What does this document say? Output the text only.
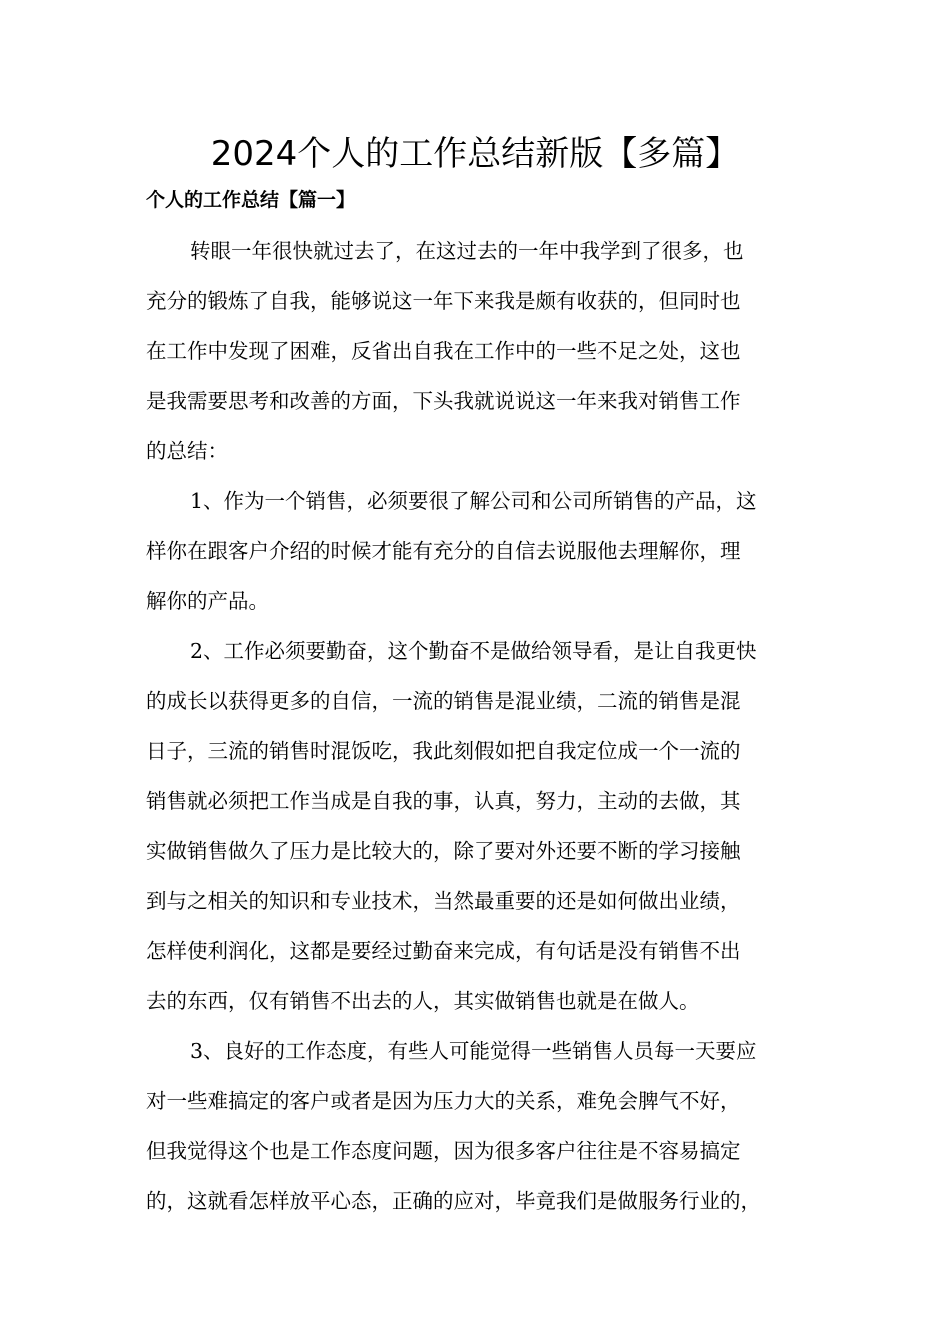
2024个人的工作总结新版【多篇】
个人的工作总结【篇一】
转眼一年很快就过去了，在这过去的一年中我学到了很多，也
充分的锻炼了自我，能够说这一年下来我是颇有收获的，但同时也
在工作中发现了困难，反省出自我在工作中的一些不足之处，这也
是我需要思考和改善的方面，下头我就说说这一年来我对销售工作
的总结：
1、作为一个销售，必须要很了解公司和公司所销售的产品，这
样你在跟客户介绍的时候才能有充分的自信去说服他去理解你，理
解你的产品。
2、工作必须要勤奋，这个勤奋不是做给领导看，是让自我更快
的成长以获得更多的自信，一流的销售是混业绩，二流的销售是混
日子，三流的销售时混饭吃，我此刻假如把自我定位成一个一流的
销售就必须把工作当成是自我的事，认真，努力，主动的去做，其
实做销售做久了压力是比较大的，除了要对外还要不断的学习接触
到与之相关的知识和专业技术，当然最重要的还是如何做出业绩，
怎样使利润化，这都是要经过勤奋来完成，有句话是没有销售不出
去的东西，仅有销售不出去的人，其实做销售也就是在做人。
3、良好的工作态度，有些人可能觉得一些销售人员每一天要应
对一些难搞定的客户或者是因为压力大的关系，难免会脾气不好，
但我觉得这个也是工作态度问题，因为很多客户往往是不容易搞定
的，这就看怎样放平心态，正确的应对，毕竟我们是做服务行业的，
